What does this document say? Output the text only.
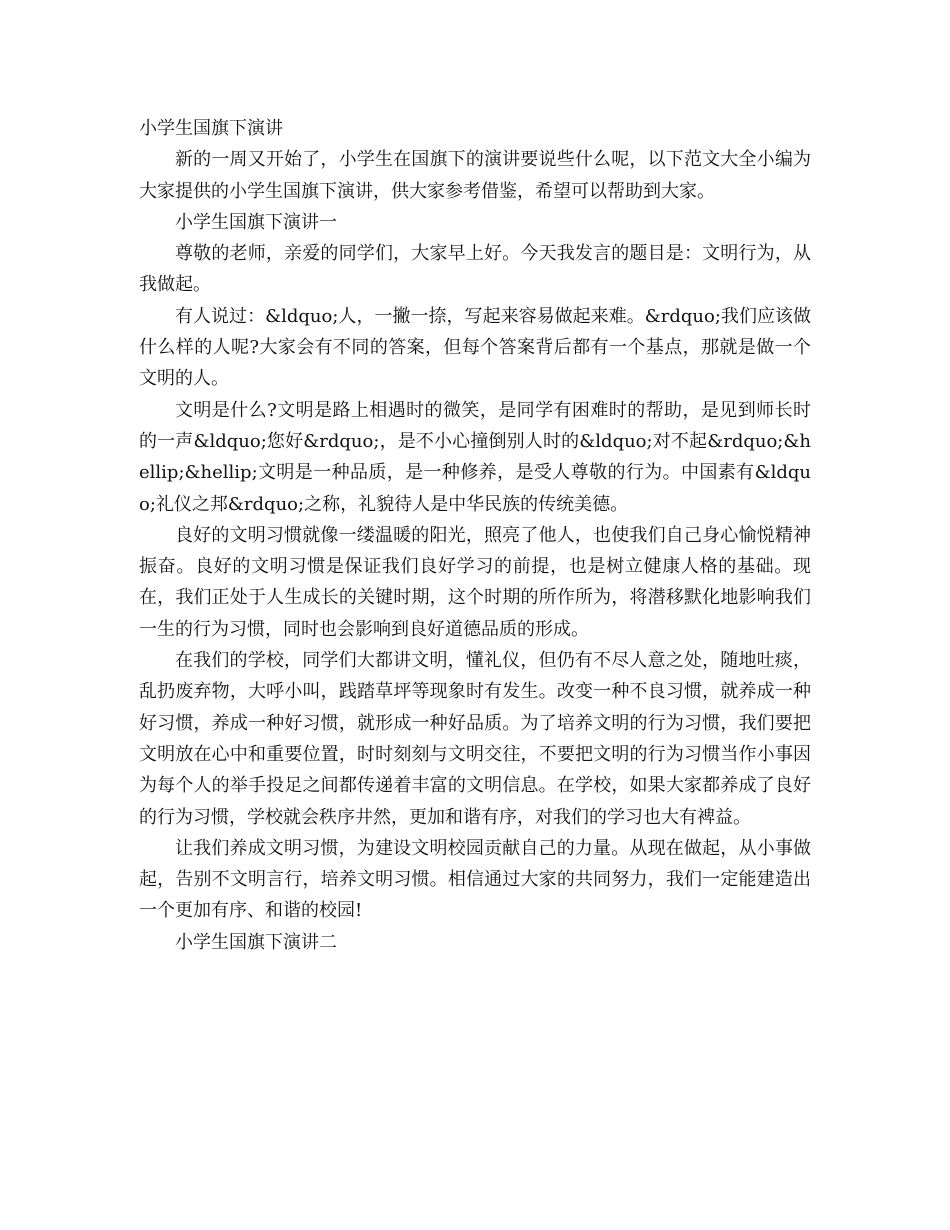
小学生国旗下演讲

新的一周又开始了，小学生在国旗下的演讲要说些什么呢，以下范文大全小编为大家提供的小学生国旗下演讲，供大家参考借鉴，希望可以帮助到大家。

小学生国旗下演讲一

尊敬的老师，亲爱的同学们，大家早上好。今天我发言的题目是：文明行为，从我做起。

有人说过：&ldquo;人，一撇一捺，写起来容易做起来难。&rdquo;我们应该做什么样的人呢?大家会有不同的答案，但每个答案背后都有一个基点，那就是做一个文明的人。

文明是什么?文明是路上相遇时的微笑，是同学有困难时的帮助，是见到师长时的一声&ldquo;您好&rdquo;，是不小心撞倒别人时的&ldquo;对不起&rdquo;&hellip;&hellip;文明是一种品质，是一种修养，是受人尊敬的行为。中国素有&ldquo;礼仪之邦&rdquo;之称，礼貌待人是中华民族的传统美德。

良好的文明习惯就像一缕温暖的阳光，照亮了他人，也使我们自己身心愉悦精神振奋。良好的文明习惯是保证我们良好学习的前提，也是树立健康人格的基础。现在，我们正处于人生成长的关键时期，这个时期的所作所为，将潜移默化地影响我们一生的行为习惯，同时也会影响到良好道德品质的形成。

在我们的学校，同学们大都讲文明，懂礼仪，但仍有不尽人意之处，随地吐痰，乱扔废弃物，大呼小叫，践踏草坪等现象时有发生。改变一种不良习惯，就养成一种好习惯，养成一种好习惯，就形成一种好品质。为了培养文明的行为习惯，我们要把文明放在心中和重要位置，时时刻刻与文明交往，不要把文明的行为习惯当作小事因为每个人的举手投足之间都传递着丰富的文明信息。在学校，如果大家都养成了良好的行为习惯，学校就会秩序井然，更加和谐有序，对我们的学习也大有裨益。

让我们养成文明习惯，为建设文明校园贡献自己的力量。从现在做起，从小事做起，告别不文明言行，培养文明习惯。相信通过大家的共同努力，我们一定能建造出一个更加有序、和谐的校园!

小学生国旗下演讲二
